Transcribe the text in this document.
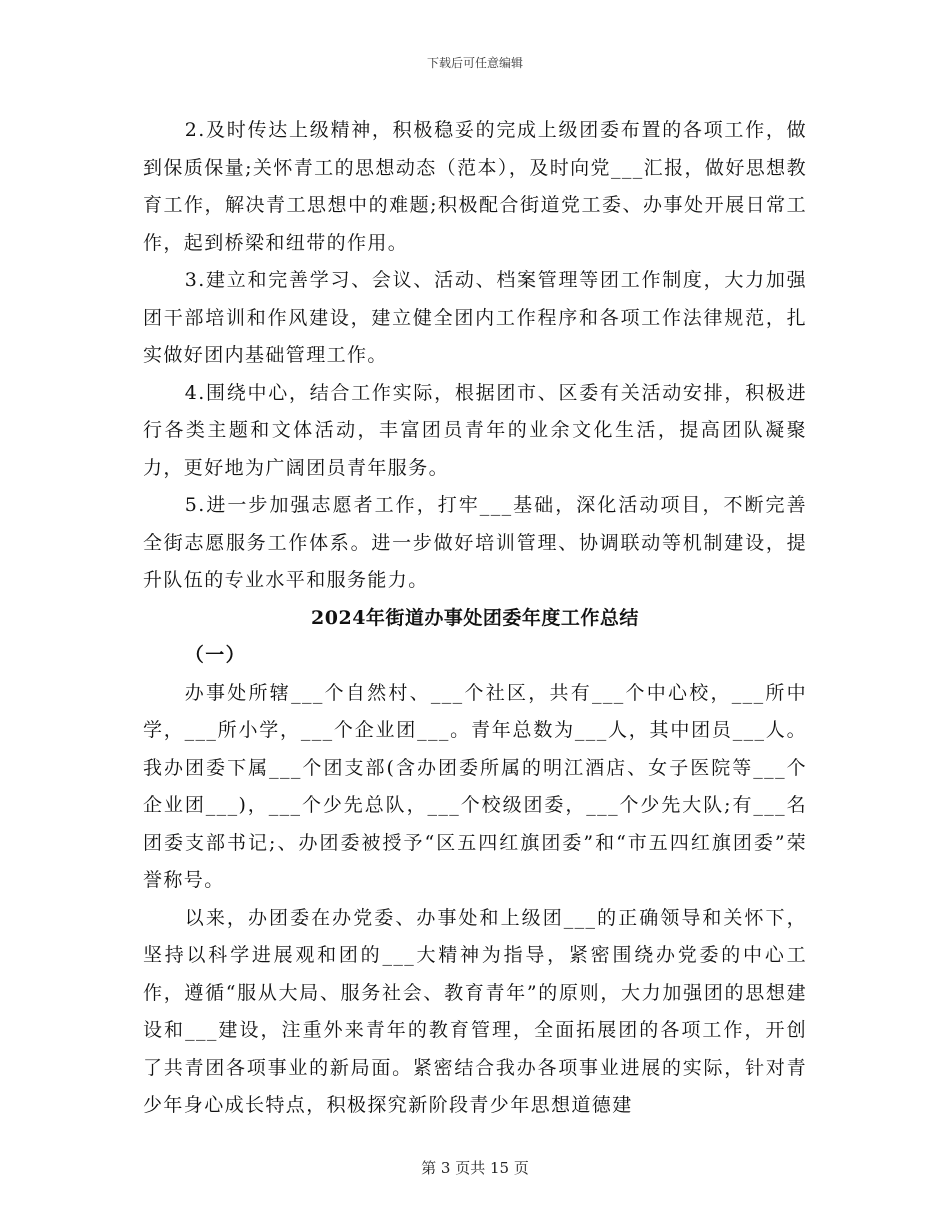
下载后可任意编辑

2.及时传达上级精神，积极稳妥的完成上级团委布置的各项工作，做到保质保量;关怀青工的思想动态（范本），及时向党___汇报，做好思想教育工作，解决青工思想中的难题;积极配合街道党工委、办事处开展日常工作，起到桥梁和纽带的作用。

3.建立和完善学习、会议、活动、档案管理等团工作制度，大力加强团干部培训和作风建设，建立健全团内工作程序和各项工作法律规范，扎实做好团内基础管理工作。

4.围绕中心，结合工作实际，根据团市、区委有关活动安排，积极进行各类主题和文体活动，丰富团员青年的业余文化生活，提高团队凝聚力，更好地为广阔团员青年服务。

5.进一步加强志愿者工作，打牢___基础，深化活动项目，不断完善全街志愿服务工作体系。进一步做好培训管理、协调联动等机制建设，提升队伍的专业水平和服务能力。

2024年街道办事处团委年度工作总结

（一）

办事处所辖___个自然村、___个社区，共有___个中心校，___所中学，___所小学，___个企业团___。青年总数为___人，其中团员___人。我办团委下属___个团支部(含办团委所属的明江酒店、女子医院等___个企业团___)，___个少先总队，___个校级团委，___个少先大队;有___名团委支部书记;、办团委被授予“区五四红旗团委”和“市五四红旗团委”荣誉称号。

以来，办团委在办党委、办事处和上级团___的正确领导和关怀下，坚持以科学进展观和团的___大精神为指导，紧密围绕办党委的中心工作，遵循“服从大局、服务社会、教育青年”的原则，大力加强团的思想建设和___建设，注重外来青年的教育管理，全面拓展团的各项工作，开创了共青团各项事业的新局面。紧密结合我办各项事业进展的实际，针对青少年身心成长特点，积极探究新阶段青少年思想道德建

第 3 页共 15 页
